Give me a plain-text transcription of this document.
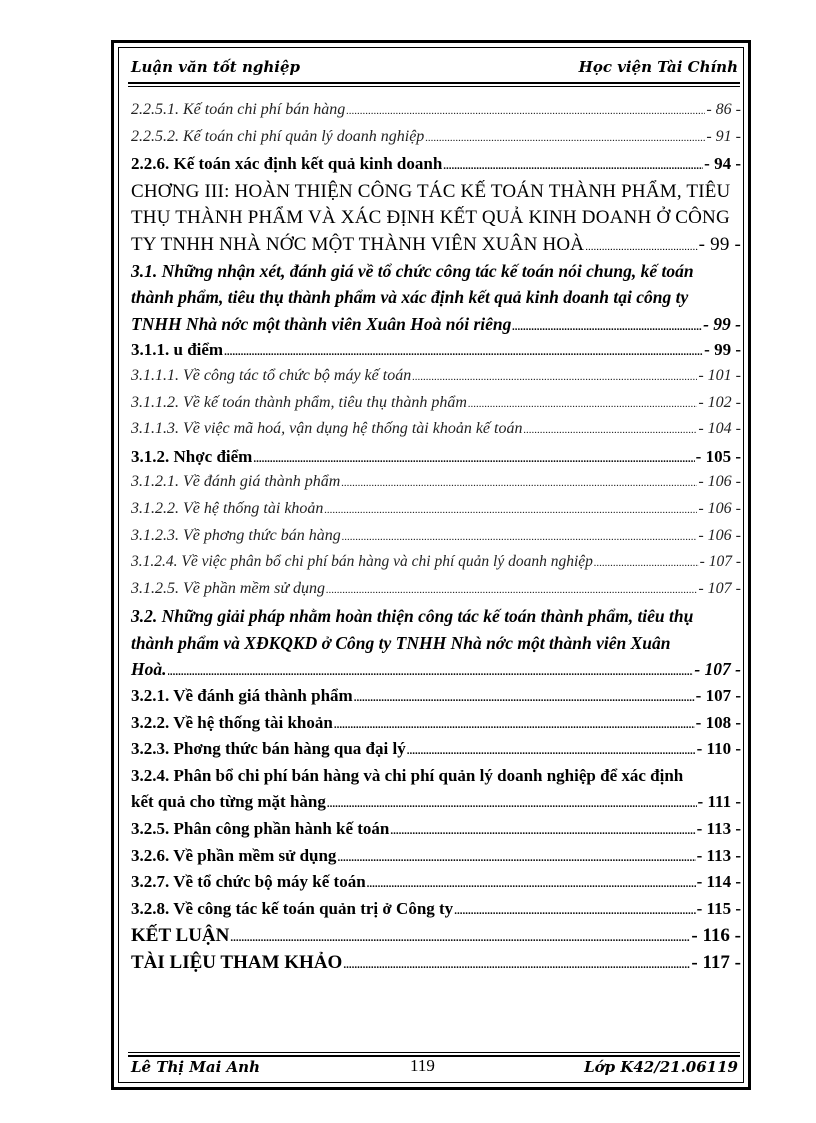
Luận văn tốt nghiệp	Học viện Tài Chính
2.2.5.1. Kế toán chi phí bán hàng .....	- 86 -
2.2.5.2. Kế toán chi phí quản lý doanh nghiệp .....	- 91 -
2.2.6. Kế toán xác định kết quả kinh doanh .....	- 94 -
CHƠNG III: HOÀN THIỆN CÔNG TÁC KẾ TOÁN THÀNH PHẨM, TIÊU
THỤ THÀNH PHẨM VÀ XÁC ĐỊNH KẾT QUẢ KINH DOANH Ở CÔNG
TY TNHH NHÀ NỚC MỘT THÀNH VIÊN XUÂN HOÀ .....	- 99 -
3.1. Những nhận xét, đánh giá về tổ chức công tác kế toán nói chung, kế toán
thành phẩm, tiêu thụ thành phẩm và xác định kết quả kinh doanh tại công ty
TNHH Nhà nớc một thành viên Xuân Hoà nói riêng .....	- 99 -
3.1.1. u điểm .....	- 99 -
3.1.1.1. Về công tác tổ chức bộ máy kế toán .....	- 101 -
3.1.1.2. Về kế toán thành phẩm, tiêu thụ thành phẩm .....	- 102 -
3.1.1.3. Về việc mã hoá, vận dụng hệ thống tài khoản kế toán .....	- 104 -
3.1.2. Nhợc điểm .....	- 105 -
3.1.2.1. Về đánh giá thành phẩm .....	- 106 -
3.1.2.2. Về hệ thống tài khoản .....	- 106 -
3.1.2.3. Về phơng thức bán hàng .....	- 106 -
3.1.2.4. Về việc phân bổ chi phí bán hàng và chi phí quản lý doanh nghiệp .....	- 107 -
3.1.2.5. Về phần mềm sử dụng .....	- 107 -
3.2. Những giải pháp nhằm hoàn thiện công tác kế toán thành phẩm, tiêu thụ
thành phẩm và XĐKQKD ở Công ty TNHH Nhà nớc một thành viên Xuân
Hoà. .....	- 107 -
3.2.1. Về đánh giá thành phẩm .....	- 107 -
3.2.2. Về hệ thống tài khoản .....	- 108 -
3.2.3. Phơng thức bán hàng qua đại lý .....	- 110 -
3.2.4. Phân bổ chi phí bán hàng và chi phí quản lý doanh nghiệp để xác định
kết quả cho từng mặt hàng .....	- 111 -
3.2.5. Phân công phần hành kế toán .....	- 113 -
3.2.6. Về phần mềm sử dụng .....	- 113 -
3.2.7. Về tổ chức bộ máy kế toán .....	- 114 -
3.2.8. Về công tác kế toán quản trị ở Công ty .....	- 115 -
KẾT LUẬN .....	- 116 -
TÀI LIỆU THAM KHẢO .....	- 117 -
Lê Thị Mai Anh	119	Lớp K42/21.06119
